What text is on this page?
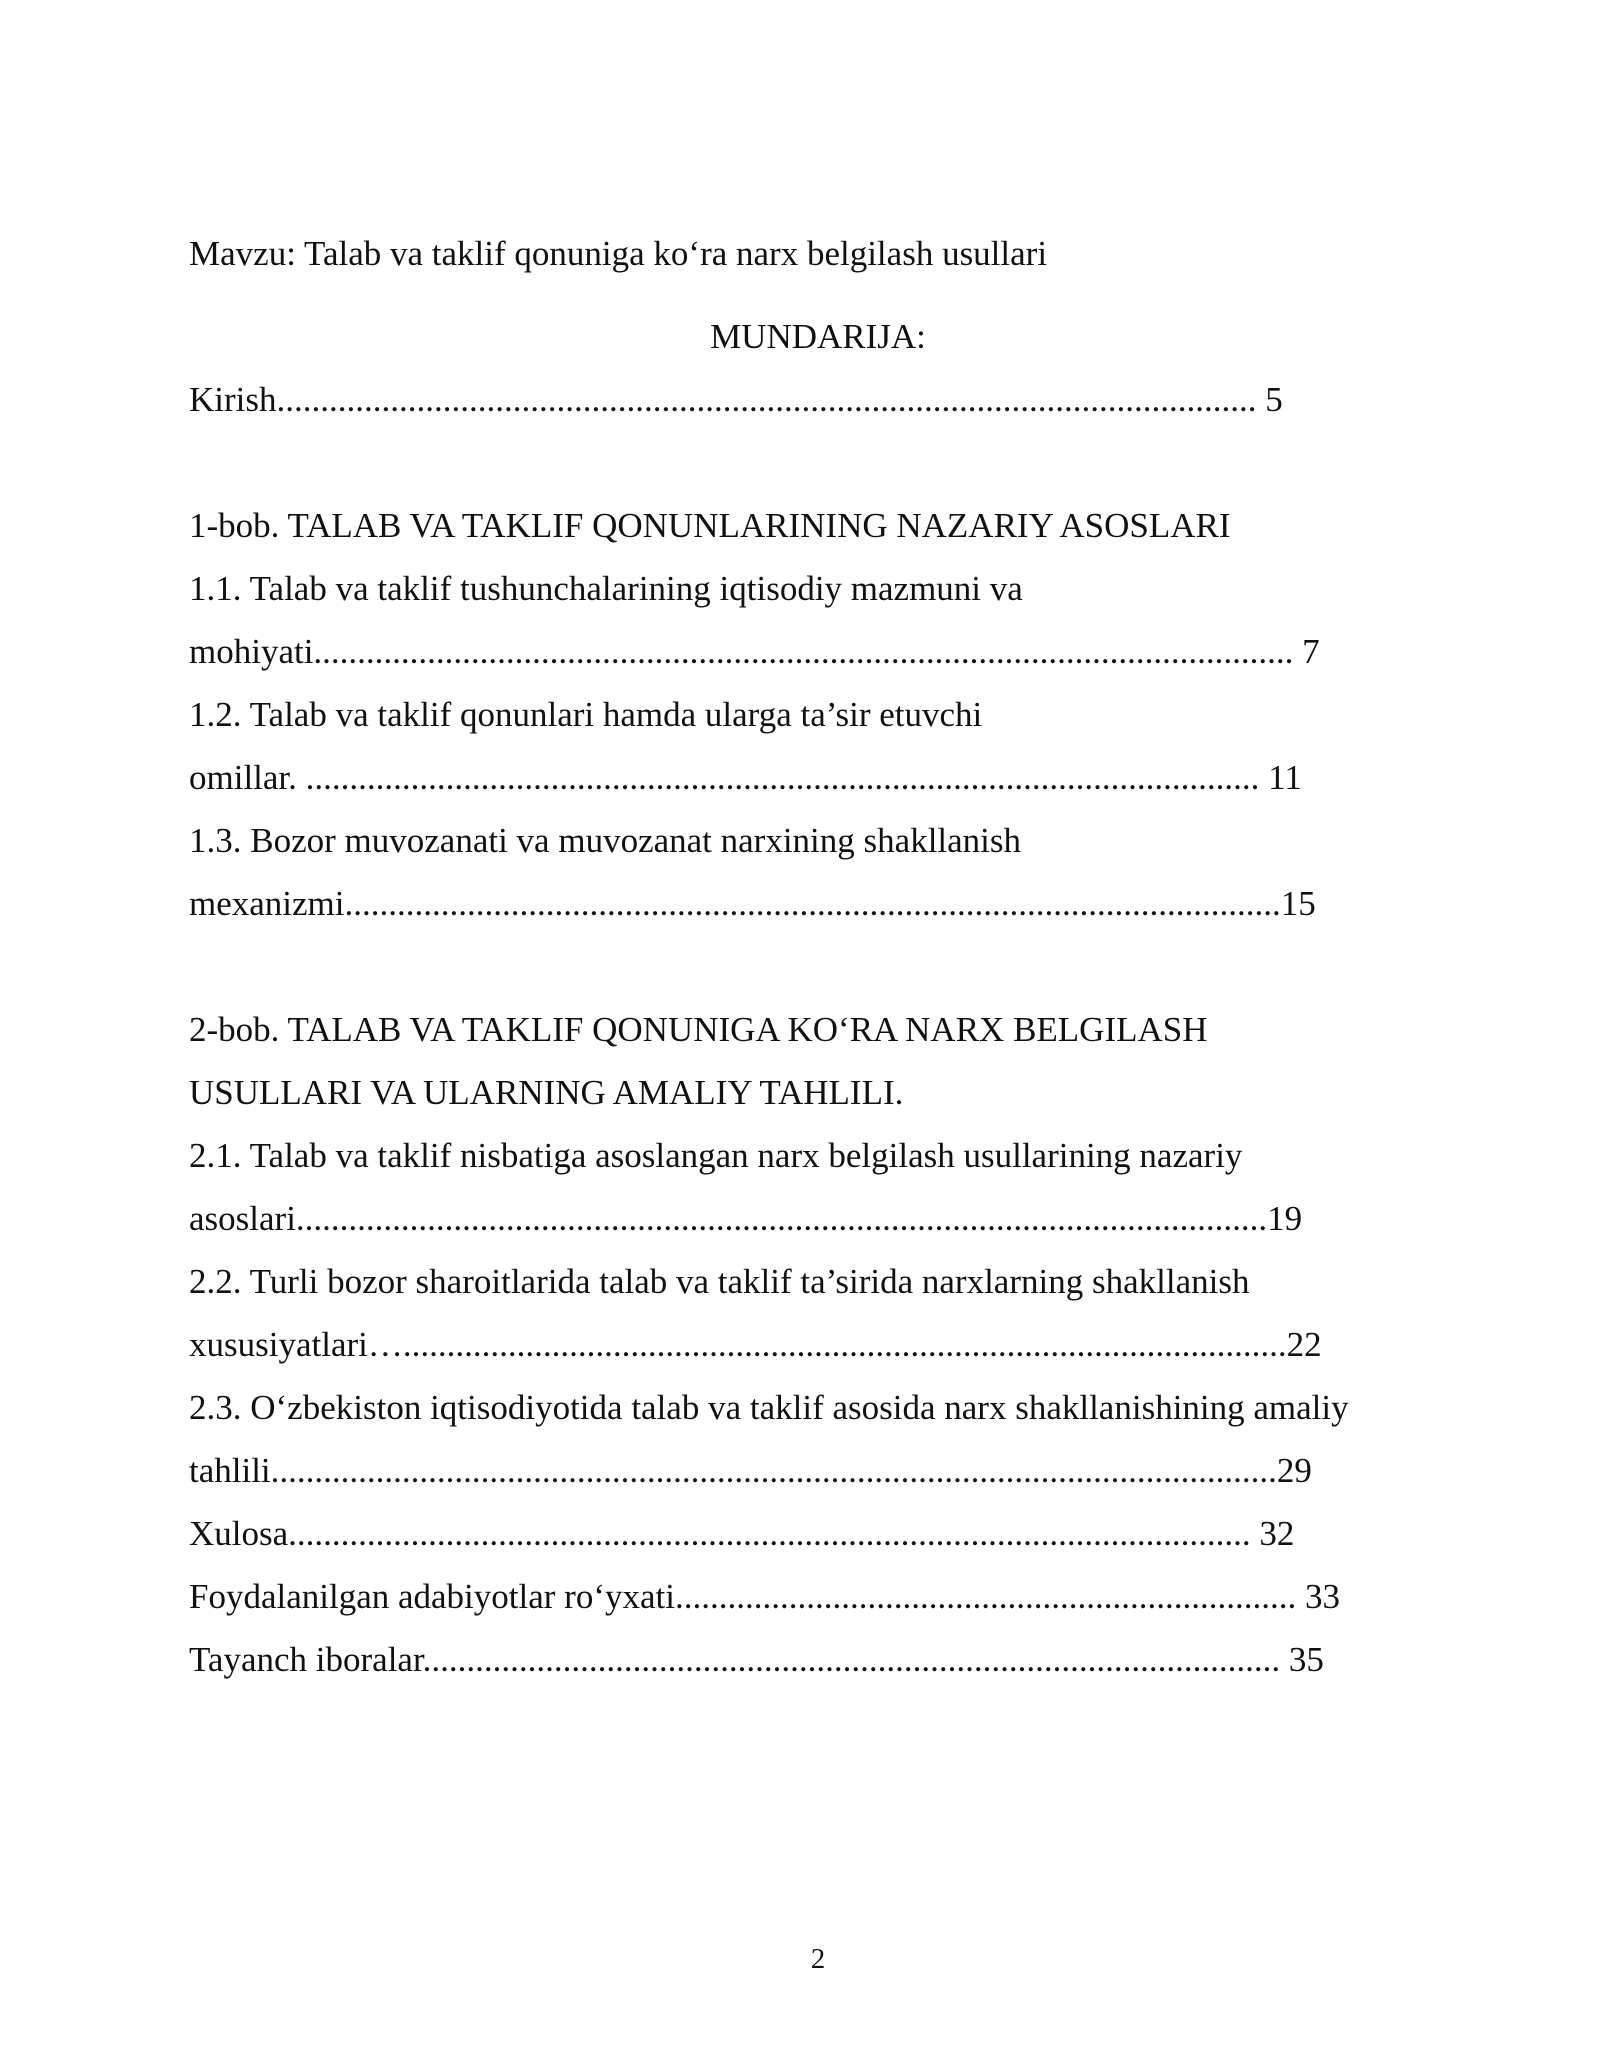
Mavzu: Talab va taklif qonuniga ko‘ra narx belgilash usullari
MUNDARIJA:
Kirish................................................................................................................ 5
1-bob. TALAB VA TAKLIF QONUNLARINING NAZARIY ASOSLARI
1.1. Talab va taklif tushunchalarining iqtisodiy mazmuni va
mohiyati................................................................................................................ 7
1.2. Talab va taklif qonunlari hamda ularga ta’sir etuvchi
omillar. ............................................................................................................. 11
1.3. Bozor muvozanati va muvozanat narxining shakllanish
mexanizmi...........................................................................................................15
2-bob. TALAB VA TAKLIF QONUNIGA KO‘RA NARX BELGILASH
USULLARI VA ULARNING AMALIY TAHLILI.
2.1. Talab va taklif nisbatiga asoslangan narx belgilash usullarining nazariy
asoslari...............................................................................................................19
2.2. Turli bozor sharoitlarida talab va taklif ta’sirida narxlarning shakllanish
xususiyatlari….....................................................................................................22
2.3. O‘zbekiston iqtisodiyotida talab va taklif asosida narx shakllanishining amaliy
tahlili...................................................................................................................29
Xulosa.............................................................................................................. 32
Foydalanilgan adabiyotlar ro‘yxati....................................................................... 33
Tayanch iboralar.................................................................................................. 35
2
